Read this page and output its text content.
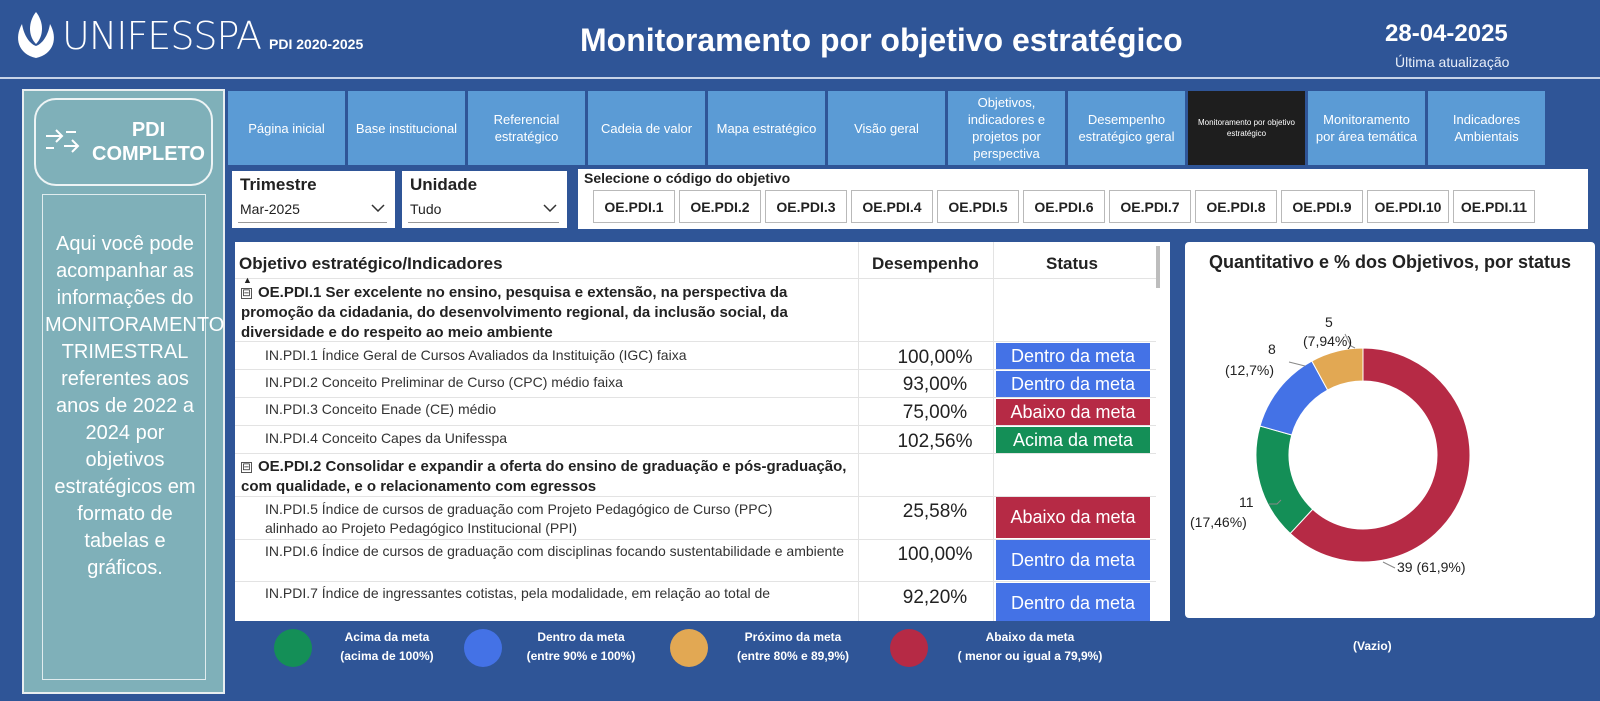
UNIFESSPA PDI 2020-2025	Monitoramento por objetivo estratégico	28-04-2025
Última atualização
PDI
COMPLETO
Aqui você pode acompanhar as informações do MONITORAMENTO TRIMESTRAL referentes aos anos de 2022 a 2024 por objetivos estratégicos em formato de tabelas e gráficos.
Página inicial	Base institucional
Referencial estratégico
Cadeia de valor	Mapa estratégico	Visão geral
Objetivos, indicadores e projetos por perspectiva
Desempenho estratégico geral
Monitoramento por objetivo estratégico
Monitoramento por área temática
Indicadores Ambientais
Trimestre
Mar-2025
Unidade
Tudo
Selecione o código do objetivo
OE.PDI.1	OE.PDI.2	OE.PDI.3	OE.PDI.4	OE.PDI.5	OE.PDI.6	OE.PDI.7	OE.PDI.8	OE.PDI.9	OE.PDI.10	OE.PDI.11
Objetivo estratégico/Indicadores
▲
Desempenho	Status
⊟ OE.PDI.1 Ser excelente no ensino, pesquisa e extensão, na perspectiva da promoção da cidadania, do desenvolvimento regional, da inclusão social, da diversidade e do respeito ao meio ambiente
IN.PDI.1 Índice Geral de Cursos Avaliados da Instituição (IGC) faixa	100,00%	Dentro da meta
IN.PDI.2 Conceito Preliminar de Curso (CPC) médio faixa	93,00%	Dentro da meta
IN.PDI.3 Conceito Enade (CE) médio	75,00%	Abaixo da meta
IN.PDI.4 Conceito Capes da Unifesspa	102,56%	Acima da meta
⊟ OE.PDI.2 Consolidar e expandir a oferta do ensino de graduação e pós-graduação, com qualidade, e o relacionamento com egressos
IN.PDI.5 Índice de cursos de graduação com Projeto Pedagógico de Curso (PPC) alinhado ao Projeto Pedagógico Institucional (PPI)
25,58%	Abaixo da meta
IN.PDI.6 Índice de cursos de graduação com disciplinas focando sustentabilidade e ambiente	100,00%	Dentro da meta
IN.PDI.7 Índice de ingressantes cotistas, pela modalidade, em relação ao total de	92,20%	Dentro da meta
Quantitativo e % dos Objetivos, por status
5
(7,94%)
8
(12,7%)
11
(17,46%)
39 (61,9%)
Acima da meta
(acima de 100%)
Dentro da meta
(entre 90% e 100%)
Próximo da meta
(entre 80% e 89,9%)
Abaixo da meta
( menor ou igual a 79,9%)
(Vazio)
